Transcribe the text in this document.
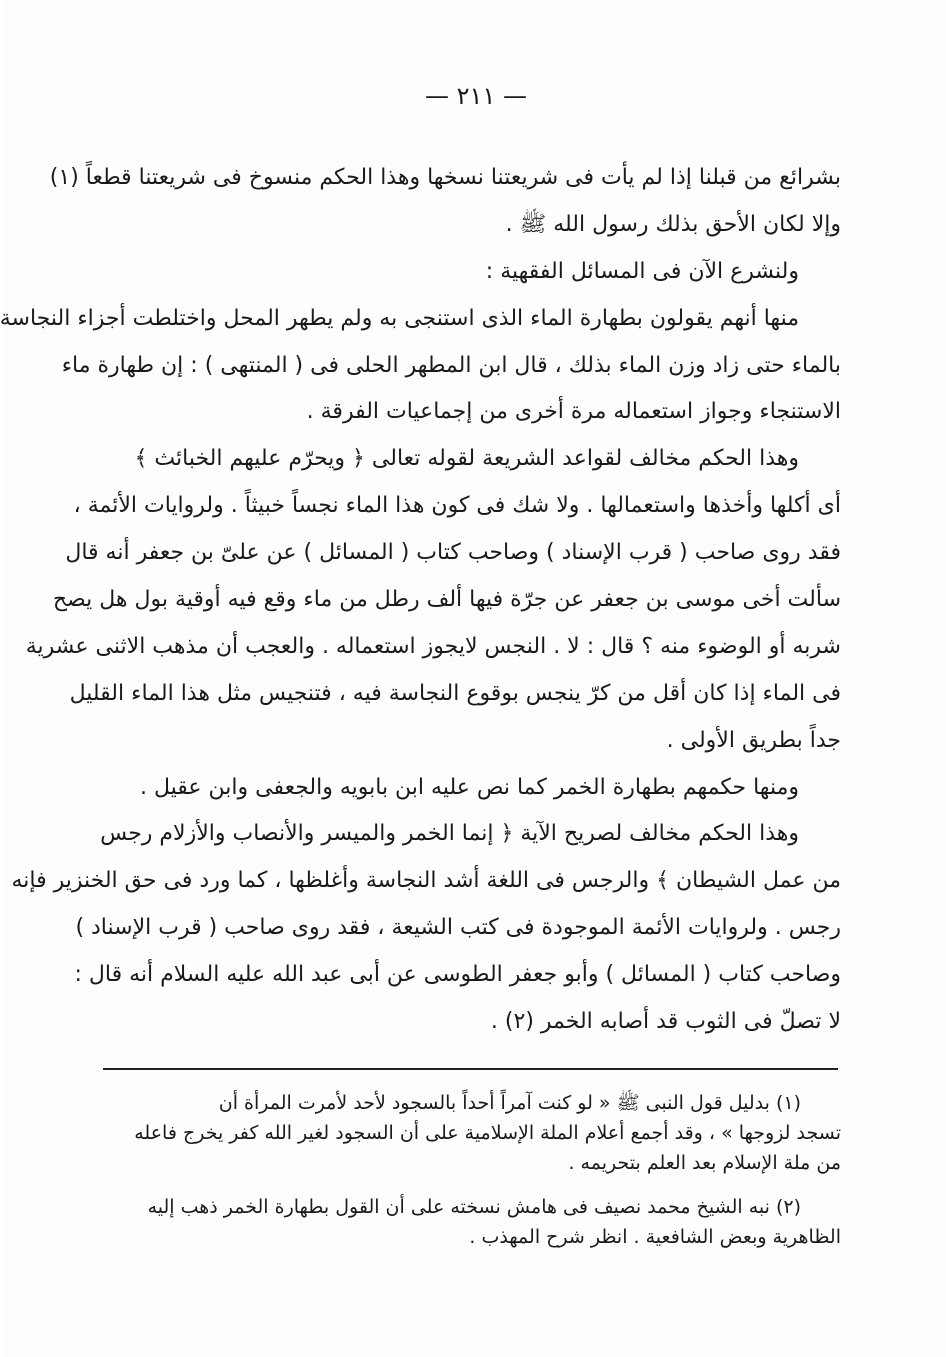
— ٢١١ —
بشرائع من قبلنا إذا لم يأت فى شريعتنا نسخها وهذا الحكم منسوخ فى شريعتنا قطعاً (١)
وإلا لكان الأحق بذلك رسول الله ﷺ .
ولنشرع الآن فى المسائل الفقهية :
منها أنهم يقولون بطهارة الماء الذى استنجى به ولم يطهر المحل واختلطت أجزاء النجاسة
بالماء حتى زاد وزن الماء بذلك ، قال ابن المطهر الحلى فى ( المنتهى ) : إن طهارة ماء
الاستنجاء وجواز استعماله مرة أخرى من إجماعيات الفرقة .
وهذا الحكم مخالف لقواعد الشريعة لقوله تعالى ﴿ ويحرّم عليهم الخبائث ﴾
أى أكلها وأخذها واستعمالها . ولا شك فى كون هذا الماء نجساً خبيثاً . ولروايات الأئمة ،
فقد روى صاحب ( قرب الإسناد ) وصاحب كتاب ( المسائل ) عن علىّ بن جعفر أنه قال
سألت أخى موسى بن جعفر عن جرّة فيها ألف رطل من ماء وقع فيه أوقية بول هل يصح
شربه أو الوضوء منه ؟ قال : لا . النجس لايجوز استعماله . والعجب أن مذهب الاثنى عشرية
فى الماء إذا كان أقل من كرّ ينجس بوقوع النجاسة فيه ، فتنجيس مثل هذا الماء القليل
جداً بطريق الأولى .
ومنها حكمهم بطهارة الخمر كما نص عليه ابن بابويه والجعفى وابن عقيل .
وهذا الحكم مخالف لصريح الآية ﴿ إنما الخمر والميسر والأنصاب والأزلام رجس
من عمل الشيطان ﴾ والرجس فى اللغة أشد النجاسة وأغلظها ، كما ورد فى حق الخنزير فإنه
رجس . ولروايات الأئمة الموجودة فى كتب الشيعة ، فقد روى صاحب ( قرب الإسناد )
وصاحب كتاب ( المسائل ) وأبو جعفر الطوسى عن أبى عبد الله عليه السلام أنه قال :
لا تصلّ فى الثوب قد أصابه الخمر (٢) .
(١) بدليل قول النبى ﷺ « لو كنت آمراً أحداً بالسجود لأحد لأمرت المرأة أن
تسجد لزوجها » ، وقد أجمع أعلام الملة الإسلامية على أن السجود لغير الله كفر يخرج فاعله
من ملة الإسلام بعد العلم بتحريمه .
(٢) نبه الشيخ محمد نصيف فى هامش نسخته على أن القول بطهارة الخمر ذهب إليه
الظاهرية وبعض الشافعية . انظر شرح المهذب .
